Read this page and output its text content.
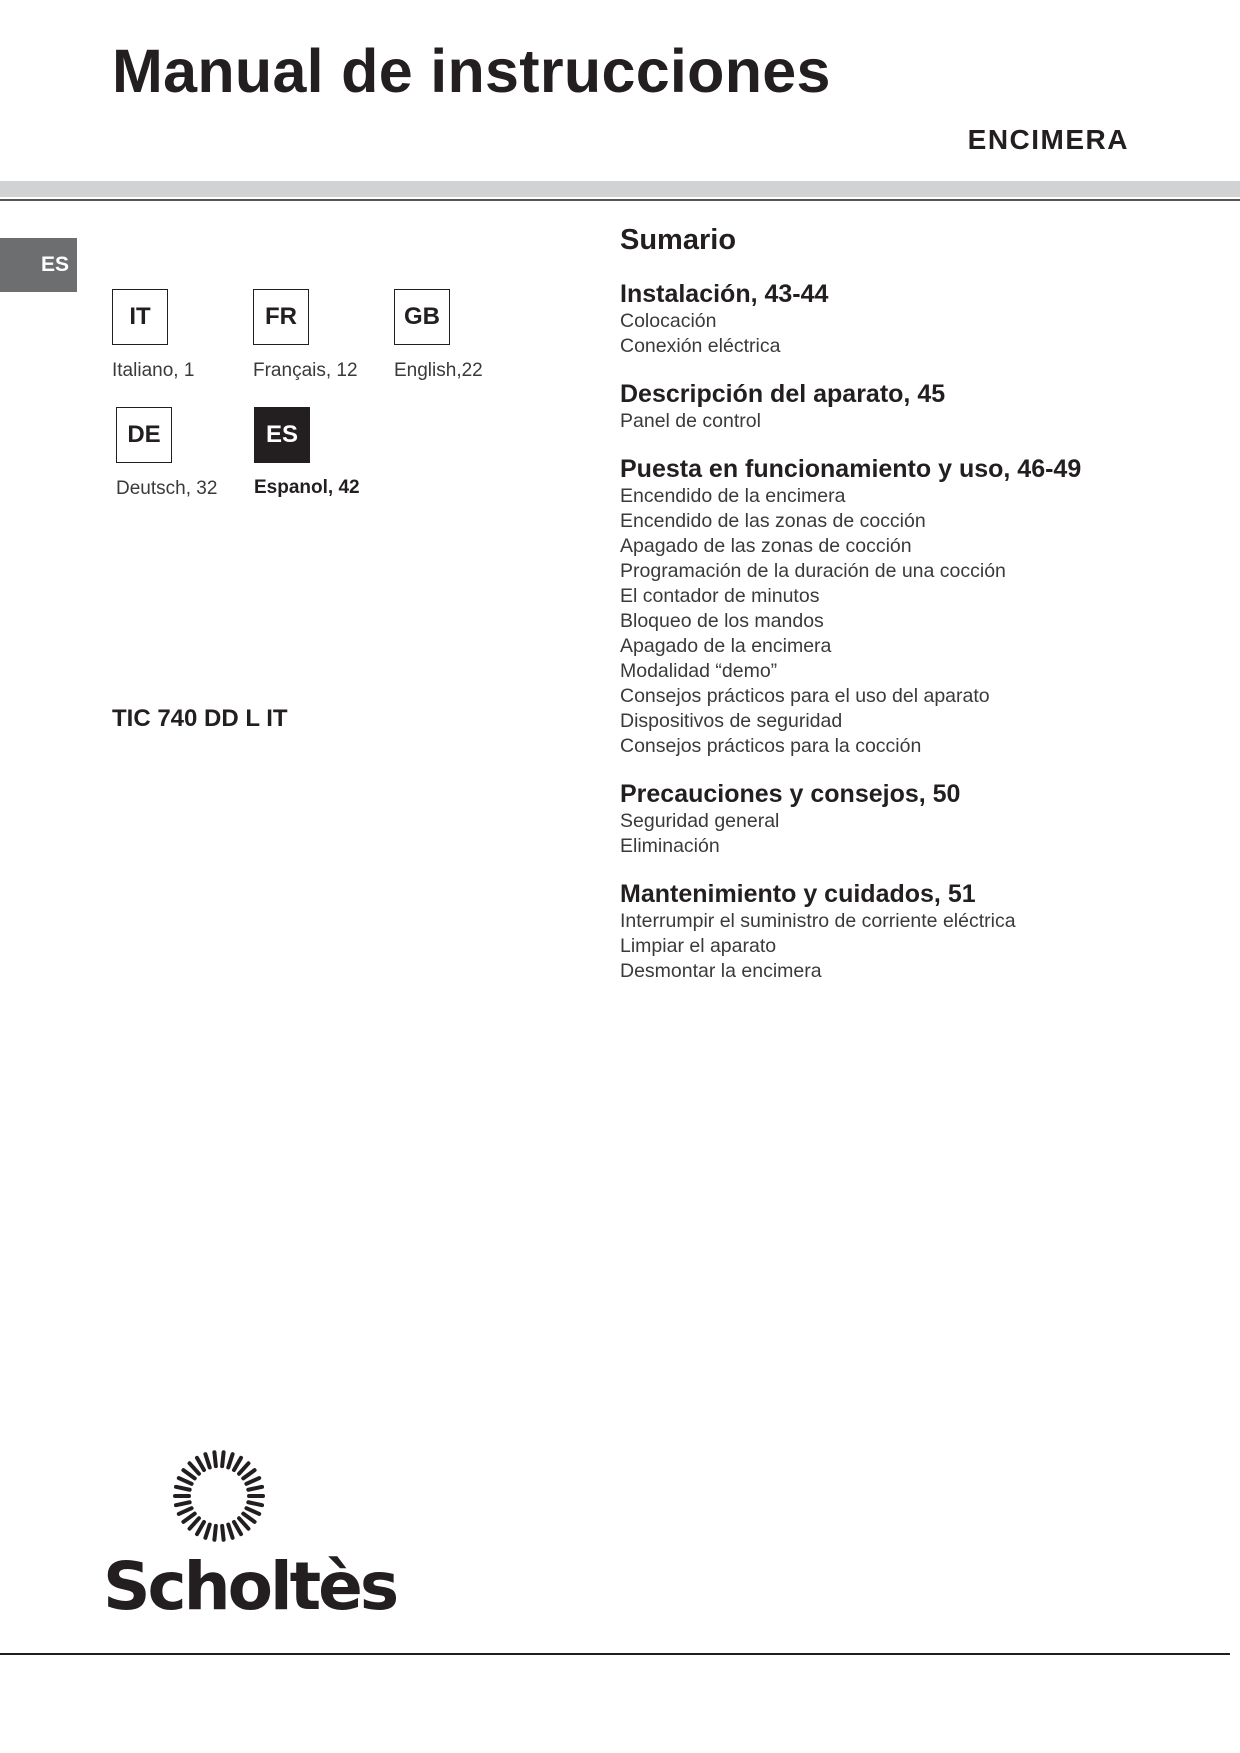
Manual de instrucciones
ENCIMERA
ES
IT
Italiano, 1
FR
Français, 12
GB
English,22
DE
Deutsch, 32
ES
Espanol, 42
TIC 740 DD L IT
Sumario
Instalación, 43-44
Colocación
Conexión eléctrica
Descripción del aparato, 45
Panel de control
Puesta en funcionamiento y uso, 46-49
Encendido de la encimera
Encendido de las zonas de cocción
Apagado de las zonas de cocción
Programación de la duración de una cocción
El contador de minutos
Bloqueo de los mandos
Apagado de la encimera
Modalidad “demo”
Consejos prácticos para el uso del aparato
Dispositivos de seguridad
Consejos prácticos para la cocción
Precauciones y consejos, 50
Seguridad general
Eliminación
Mantenimiento y cuidados, 51
Interrumpir el suministro de corriente eléctrica
Limpiar el aparato
Desmontar la encimera
Scholtès
